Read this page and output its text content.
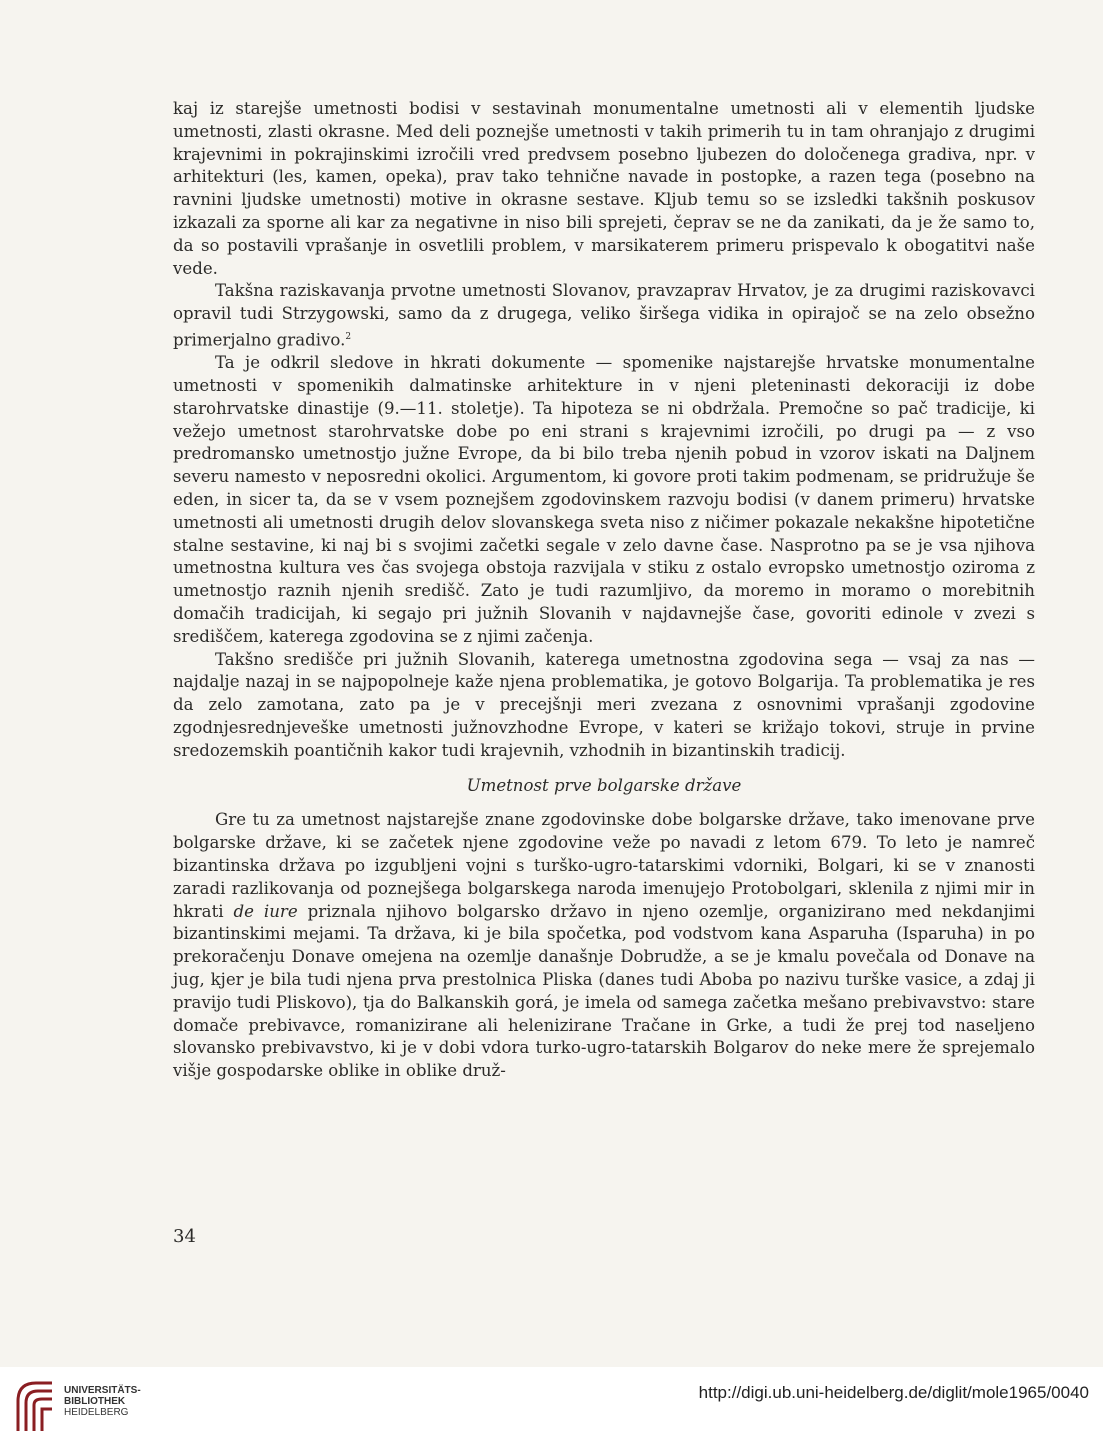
kaj iz starejše umetnosti bodisi v sestavinah monumentalne umetnosti ali v elementih ljudske umetnosti, zlasti okrasne. Med deli poznejše umetnosti v takih primerih tu in tam ohranjajo z drugimi krajevnimi in pokrajinskimi izročili vred predvsem posebno ljubezen do določenega gradiva, npr. v arhitekturi (les, kamen, opeka), prav tako tehnične navade in postopke, a razen tega (posebno na ravnini ljudske umetnosti) motive in okrasne sestave. Kljub temu so se izsledki takšnih poskusov izkazali za sporne ali kar za negativne in niso bili sprejeti, čeprav se ne da zanikati, da je že samo to, da so postavili vprašanje in osvetlili problem, v marsikaterem primeru prispevalo k obogatitvi naše vede.

Takšna raziskavanja prvotne umetnosti Slovanov, pravzaprav Hrvatov, je za drugimi raziskovavci opravil tudi Strzygowski, samo da z drugega, veliko širšega vidika in opirajoč se na zelo obsežno primerjalno gradivo.$^2$

Ta je odkril sledove in hkrati dokumente — spomenike najstarejše hrvatske monumentalne umetnosti v spomenikih dalmatinske arhitekture in v njeni pleteninasti dekoraciji iz dobe starohrvatske dinastije (9.—11. stoletje). Ta hipoteza se ni obdržala. Premočne so pač tradicije, ki vežejo umetnost starohrvatske dobe po eni strani s krajevnimi izročili, po drugi pa — z vso predromansko umetnostjo južne Evrope, da bi bilo treba njenih pobud in vzorov iskati na Daljnem severu namesto v neposredni okolici. Argumentom, ki govore proti takim podmenam, se pridružuje še eden, in sicer ta, da se v vsem poznejšem zgodovinskem razvoju bodisi (v danem primeru) hrvatske umetnosti ali umetnosti drugih delov slovanskega sveta niso z ničimer pokazale nekakšne hipotetične stalne sestavine, ki naj bi s svojimi začetki segale v zelo davne čase. Nasprotno pa se je vsa njihova umetnostna kultura ves čas svojega obstoja razvijala v stiku z ostalo evropsko umetnostjo oziroma z umetnostjo raznih njenih središč. Zato je tudi razumljivo, da moremo in moramo o morebitnih domačih tradicijah, ki segajo pri južnih Slovanih v najdavnejše čase, govoriti edinole v zvezi s središčem, katerega zgodovina se z njimi začenja.

Takšno središče pri južnih Slovanih, katerega umetnostna zgodovina sega — vsaj za nas — najdalje nazaj in se najpopolneje kaže njena problematika, je gotovo Bolgarija. Ta problematika je res da zelo zamotana, zato pa je v precejšnji meri zvezana z osnovnimi vprašanji zgodovine zgodnjesrednjeveške umetnosti južnovzhodne Evrope, v kateri se križajo tokovi, struje in prvine sredozemskih poantičnih kakor tudi krajevnih, vzhodnih in bizantinskih tradicij.

Umetnost prve bolgarske države

Gre tu za umetnost najstarejše znane zgodovinske dobe bolgarske države, tako imenovane prve bolgarske države, ki se začetek njene zgodovine veže po navadi z letom 679. To leto je namreč bizantinska država po izgubljeni vojni s turško-ugro-tatarskimi vdorniki, Bolgari, ki se v znanosti zaradi razlikovanja od poznejšega bolgarskega naroda imenujejo Protobolgari, sklenila z njimi mir in hkrati de iure priznala njihovo bolgarsko državo in njeno ozemlje, organizirano med nekdanjimi bizantinskimi mejami. Ta država, ki je bila spočetka, pod vodstvom kana Asparuha (Isparuha) in po prekoračenju Donave omejena na ozemlje današnje Dobrudže, a se je kmalu povečala od Donave na jug, kjer je bila tudi njena prva prestolnica Pliska (danes tudi Aboba po nazivu turške vasice, a zdaj ji pravijo tudi Pliskovo), tja do Balkanskih gorá, je imela od samega začetka mešano prebivavstvo: stare domače prebivavce, romanizirane ali helenizirane Tračane in Grke, a tudi že prej tod naseljeno slovansko prebivavstvo, ki je v dobi vdora turko-ugro-tatarskih Bolgarov do neke mere že sprejemalo višje gospodarske oblike in oblike druž-

34
UNIVERSITÄTS-
BIBLIOTHEK
HEIDELBERG
http://digi.ub.uni-heidelberg.de/diglit/mole1965/0040
